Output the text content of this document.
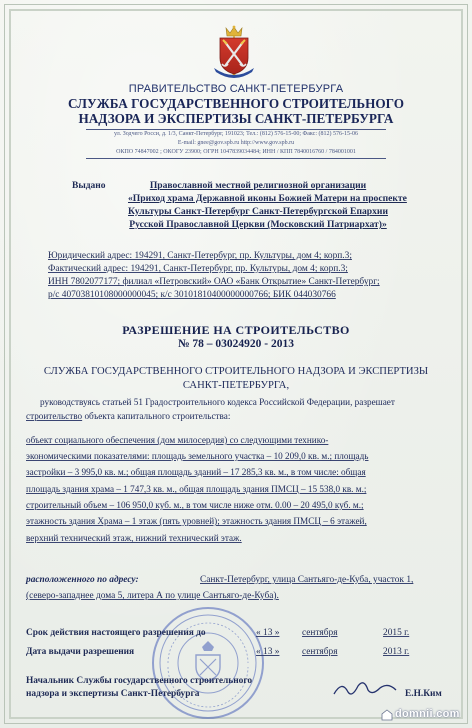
ПРАВИТЕЛЬСТВО САНКТ-ПЕТЕРБУРГА
СЛУЖБА ГОСУДАРСТВЕННОГО СТРОИТЕЛЬНОГО
НАДЗОРА И ЭКСПЕРТИЗЫ САНКТ-ПЕТЕРБУРГА
ул. Зодчего Росси, д. 1/3, Санкт-Петербург, 191023; Тел.: (812) 576-15-00; Факс: (812) 576-15-06
E-mail: gnee@gov.spb.ru http://www.gov.spb.ru
ОКПО 74847002 ; ОКОГУ 23900; ОГРН 1047839034484; ИНН / КПП 7840016760 / 784001001
Выдано	Православной местной религиозной организации
«Приход храма Державной иконы Божией Матери на проспекте
Культуры Санкт-Петербург Санкт-Петербургской Епархии
Русской Православной Церкви (Московский Патриархат)»
Юридический адрес: 194291, Санкт-Петербург, пр. Культуры, дом 4; корп.3;
Фактический адрес: 194291, Санкт-Петербург, пр. Культуры, дом 4; корп.3;
ИНН 7802077177; филиал «Петровский» ОАО «Банк Открытие» Санкт-Петербург;
р/с 40703810108000000045; к/с 30101810400000000766; БИК 044030766
РАЗРЕШЕНИЕ НА СТРОИТЕЛЬСТВО
№ 78 – 03024920 - 2013
СЛУЖБА ГОСУДАРСТВЕННОГО СТРОИТЕЛЬНОГО НАДЗОРА И ЭКСПЕРТИЗЫ
САНКТ-ПЕТЕРБУРГА,
руководствуясь статьей 51 Градостроительного кодекса Российской Федерации, разрешает
строительство объекта капитального строительства:
объект социального обеспечения (дом милосердия) со следующими технико-
экономическими показателями: площадь земельного участка – 10 209,0 кв. м.; площадь
застройки – 3 995,0 кв. м.; общая площадь зданий – 17 285,3 кв. м., в том числе: общая
площадь здания храма – 1 747,3 кв. м., общая площадь здания ПМСЦ – 15 538,0 кв. м.;
строительный объем – 106 950,0 куб. м., в том числе ниже отм. 0.00 – 20 495,0 куб. м.;
этажность здания Храма – 1 этаж (пять уровней); этажность здания ПМСЦ – 6 этажей,
верхний технический этаж, нижний технический этаж.
расположенного по адресу:	Санкт-Петербург, улица Сантьяго-де-Куба, участок 1,
(северо-западнее дома 5, литера А по улице Сантьяго-де-Куба).
Срок действия настоящего разрешения до	« 13 » сентября	2015 г.
Дата выдачи разрешения	« 13 » сентября	2013 г.
Начальник Службы государственного строительного
надзора и экспертизы Санкт-Петербурга	Е.Н.Ким
domnii.com
